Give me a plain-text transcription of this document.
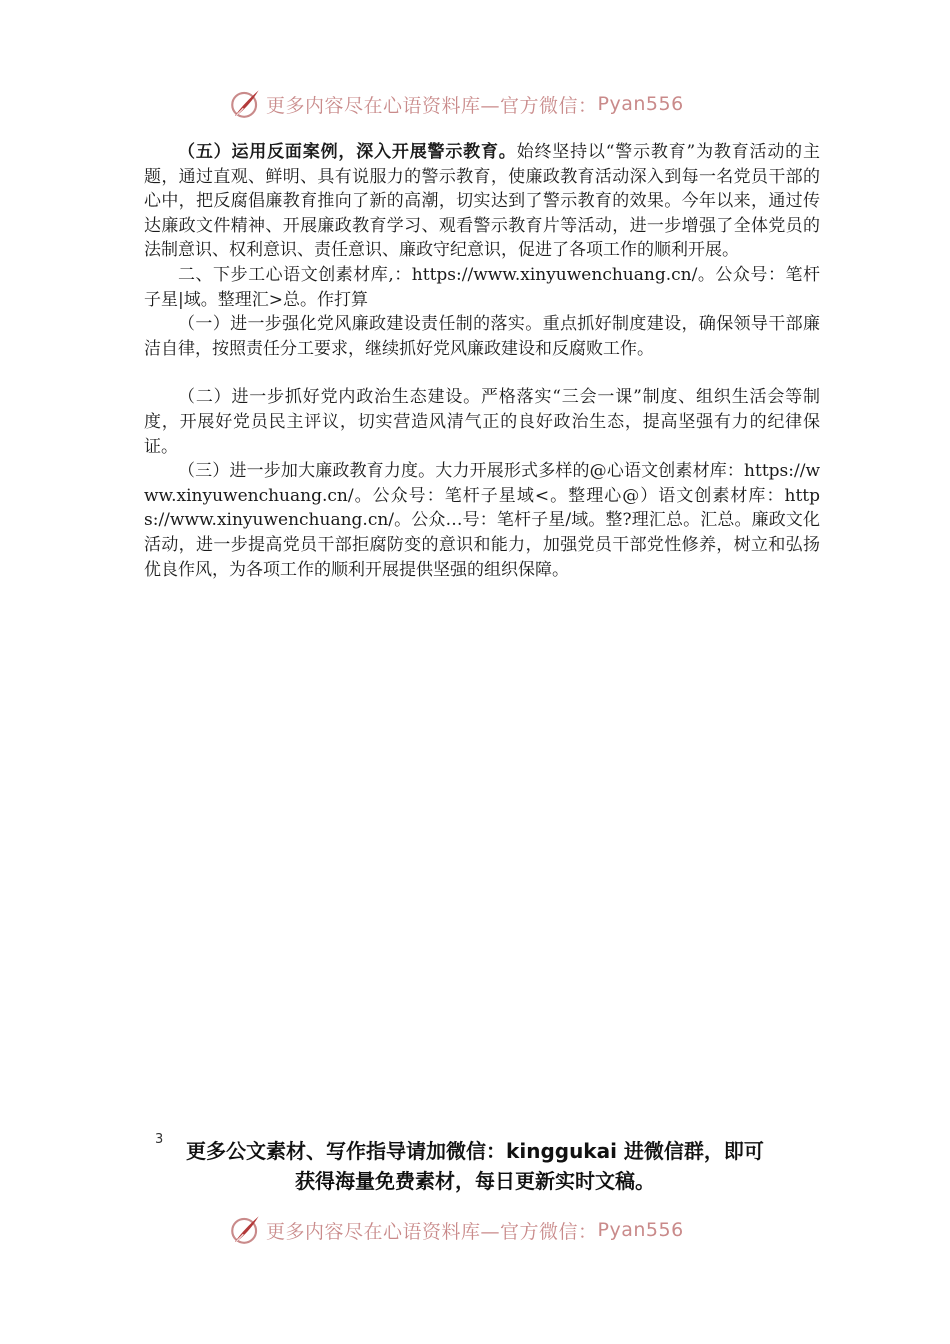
更多内容尽在心语资料库—官方微信： Pyan556

（五）运用反面案例，深入开展警示教育。始终坚持以“警示教育”为教育活动的主题，通过直观、鲜明、具有说服力的警示教育，使廉政教育活动深入到每一名党员干部的心中，把反腐倡廉教育推向了新的高潮，切实达到了警示教育的效果。今年以来，通过传达廉政文件精神、开展廉政教育学习、观看警示教育片等活动，进一步增强了全体党员的法制意识、权利意识、责任意识、廉政守纪意识，促进了各项工作的顺利开展。

二、下步工心语文创素材库,：https://www.xinyuwenchuang.cn/。公众号：笔杆子星|域。整理汇>总。作打算

（一）进一步强化党风廉政建设责任制的落实。重点抓好制度建设，确保领导干部廉洁自律，按照责任分工要求，继续抓好党风廉政建设和反腐败工作。

（二）进一步抓好党内政治生态建设。严格落实“三会一课”制度、组织生活会等制度，开展好党员民主评议，切实营造风清气正的良好政治生态，提高坚强有力的纪律保证。

（三）进一步加大廉政教育力度。大力开展形式多样的@心语文创素材库：https://www.xinyuwenchuang.cn/。公众号：笔杆子星域<。整理心@）语文创素材库：https://www.xinyuwenchuang.cn/。公众…号：笔杆子星/域。整?理汇总。汇总。廉政文化活动，进一步提高党员干部拒腐防变的意识和能力，加强党员干部党性修养，树立和弘扬优良作风，为各项工作的顺利开展提供坚强的组织保障。

3	更多公文素材、写作指导请加微信：kinggukai 进微信群，即可
获得海量免费素材，每日更新实时文稿。
更多内容尽在心语资料库—官方微信： Pyan556
